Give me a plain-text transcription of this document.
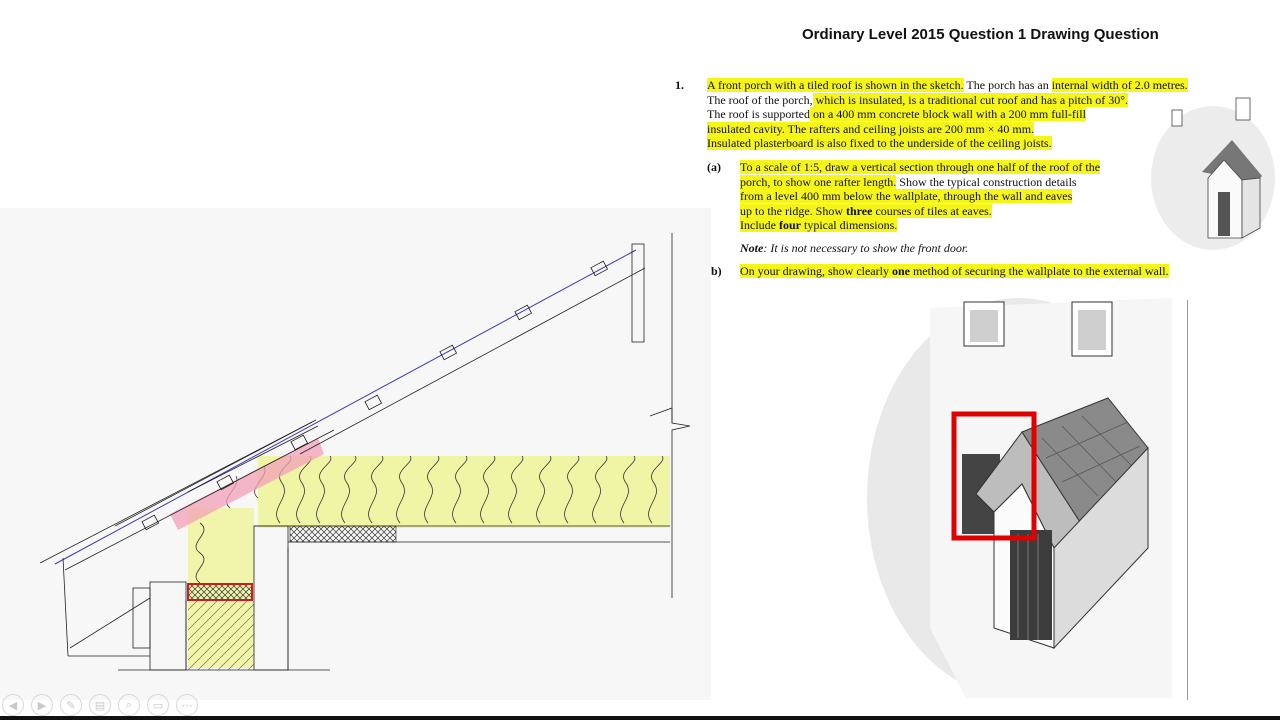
Ordinary Level 2015 Question 1 Drawing Question
1. A front porch with a tiled roof is shown in the sketch. The porch has an internal width of 2.0 metres.
The roof of the porch, which is insulated, is a traditional cut roof and has a pitch of 30°.
The roof is supported on a 400 mm concrete block wall with a 200 mm full-fill
insulated cavity. The rafters and ceiling joists are 200 mm × 40 mm.
Insulated plasterboard is also fixed to the underside of the ceiling joists.
(a) To a scale of 1:5, draw a vertical section through one half of the roof of the
porch, to show one rafter length. Show the typical construction details
from a level 400 mm below the wallplate, through the wall and eaves
up to the ridge. Show three courses of tiles at eaves.
Include four typical dimensions.
Note: It is not necessary to show the front door.
b) On your drawing, show clearly one method of securing the wallplate to the external wall.
◀	▶	✎	▤	⌕	▭	⋯
